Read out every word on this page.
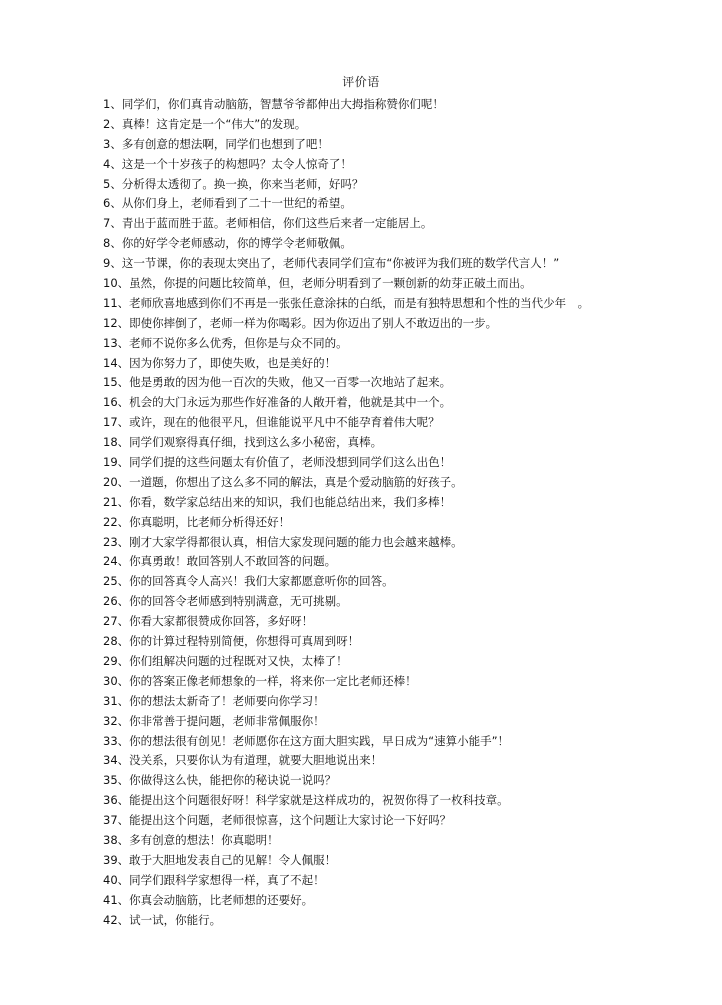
评价语
1、同学们，你们真肯动脑筋，智慧爷爷都伸出大拇指称赞你们呢！
2、真棒！这肯定是一个“伟大”的发现。
3、多有创意的想法啊，同学们也想到了吧！
4、这是一个十岁孩子的构想吗？太令人惊奇了！
5、分析得太透彻了。换一换，你来当老师，好吗？
6、从你们身上，老师看到了二十一世纪的希望。
7、青出于蓝而胜于蓝。老师相信，你们这些后来者一定能居上。
8、你的好学令老师感动，你的博学令老师敬佩。
9、这一节课，你的表现太突出了，老师代表同学们宣布“你被评为我们班的数学代言人！”
10、虽然，你提的问题比较简单，但，老师分明看到了一颗创新的幼芽正破土而出。
11、老师欣喜地感到你们不再是一张张任意涂抹的白纸，而是有独特思想和个性的当代少年　。
12、即使你摔倒了，老师一样为你喝彩。因为你迈出了别人不敢迈出的一步。
13、老师不说你多么优秀，但你是与众不同的。
14、因为你努力了，即使失败，也是美好的！
15、他是勇敢的因为他一百次的失败，他又一百零一次地站了起来。
16、机会的大门永远为那些作好准备的人敞开着，他就是其中一个。
17、或许，现在的他很平凡，但谁能说平凡中不能孕育着伟大呢？
18、同学们观察得真仔细，找到这么多小秘密，真棒。
19、同学们提的这些问题太有价值了，老师没想到同学们这么出色！
20、一道题，你想出了这么多不同的解法，真是个爱动脑筋的好孩子。
21、你看，数学家总结出来的知识，我们也能总结出来，我们多棒！
22、你真聪明，比老师分析得还好！
23、刚才大家学得都很认真，相信大家发现问题的能力也会越来越棒。
24、你真勇敢！敢回答别人不敢回答的问题。
25、你的回答真令人高兴！我们大家都愿意听你的回答。
26、你的回答令老师感到特别满意，无可挑剔。
27、你看大家都很赞成你回答，多好呀！
28、你的计算过程特别简便，你想得可真周到呀！
29、你们组解决问题的过程既对又快，太棒了！
30、你的答案正像老师想象的一样，将来你一定比老师还棒！
31、你的想法太新奇了！老师要向你学习！
32、你非常善于提问题，老师非常佩服你！
33、你的想法很有创见！老师愿你在这方面大胆实践，早日成为“速算小能手”！
34、没关系，只要你认为有道理，就要大胆地说出来！
35、你做得这么快，能把你的秘诀说一说吗？
36、能提出这个问题很好呀！科学家就是这样成功的，祝贺你得了一枚科技章。
37、能提出这个问题，老师很惊喜，这个问题让大家讨论一下好吗？
38、多有创意的想法！你真聪明！
39、敢于大胆地发表自己的见解！令人佩服！
40、同学们跟科学家想得一样，真了不起！
41、你真会动脑筋，比老师想的还要好。
42、试一试，你能行。
